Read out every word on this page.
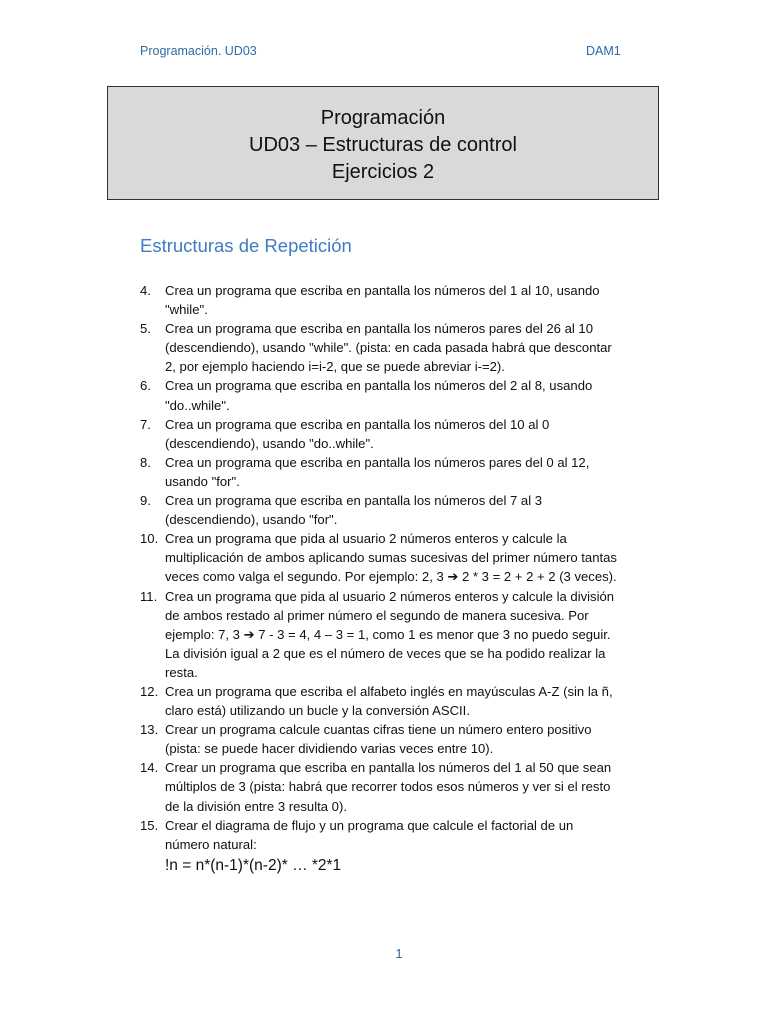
Programación. UD03	DAM1
Programación
UD03 – Estructuras de control
Ejercicios 2
Estructuras de Repetición
4. Crea un programa que escriba en pantalla los números del 1 al 10, usando
"while".
5. Crea un programa que escriba en pantalla los números pares del 26 al 10
(descendiendo), usando "while". (pista: en cada pasada habrá que descontar
2, por ejemplo haciendo i=i-2, que se puede abreviar i-=2).
6. Crea un programa que escriba en pantalla los números del 2 al 8, usando
"do..while".
7. Crea un programa que escriba en pantalla los números del 10 al 0
(descendiendo), usando "do..while".
8. Crea un programa que escriba en pantalla los números pares del 0 al 12,
usando "for".
9. Crea un programa que escriba en pantalla los números del 7 al 3
(descendiendo), usando "for".
10. Crea un programa que pida al usuario 2 números enteros y calcule la
multiplicación de ambos aplicando sumas sucesivas del primer número tantas
veces como valga el segundo. Por ejemplo: 2, 3 ➔ 2 * 3 = 2 + 2 + 2 (3 veces).
11. Crea un programa que pida al usuario 2 números enteros y calcule la división
de ambos restado al primer número el segundo de manera sucesiva. Por
ejemplo: 7, 3 ➔ 7 - 3 = 4, 4 – 3 = 1, como 1 es menor que 3 no puedo seguir.
La división igual a 2 que es el número de veces que se ha podido realizar la
resta.
12. Crea un programa que escriba el alfabeto inglés en mayúsculas A-Z (sin la ñ,
claro está) utilizando un bucle y la conversión ASCII.
13. Crear un programa calcule cuantas cifras tiene un número entero positivo
(pista: se puede hacer dividiendo varias veces entre 10).
14. Crear un programa que escriba en pantalla los números del 1 al 50 que sean
múltiplos de 3 (pista: habrá que recorrer todos esos números y ver si el resto
de la división entre 3 resulta 0).
15. Crear el diagrama de flujo y un programa que calcule el factorial de un
número natural:
!n = n*(n-1)*(n-2)* … *2*1
1
